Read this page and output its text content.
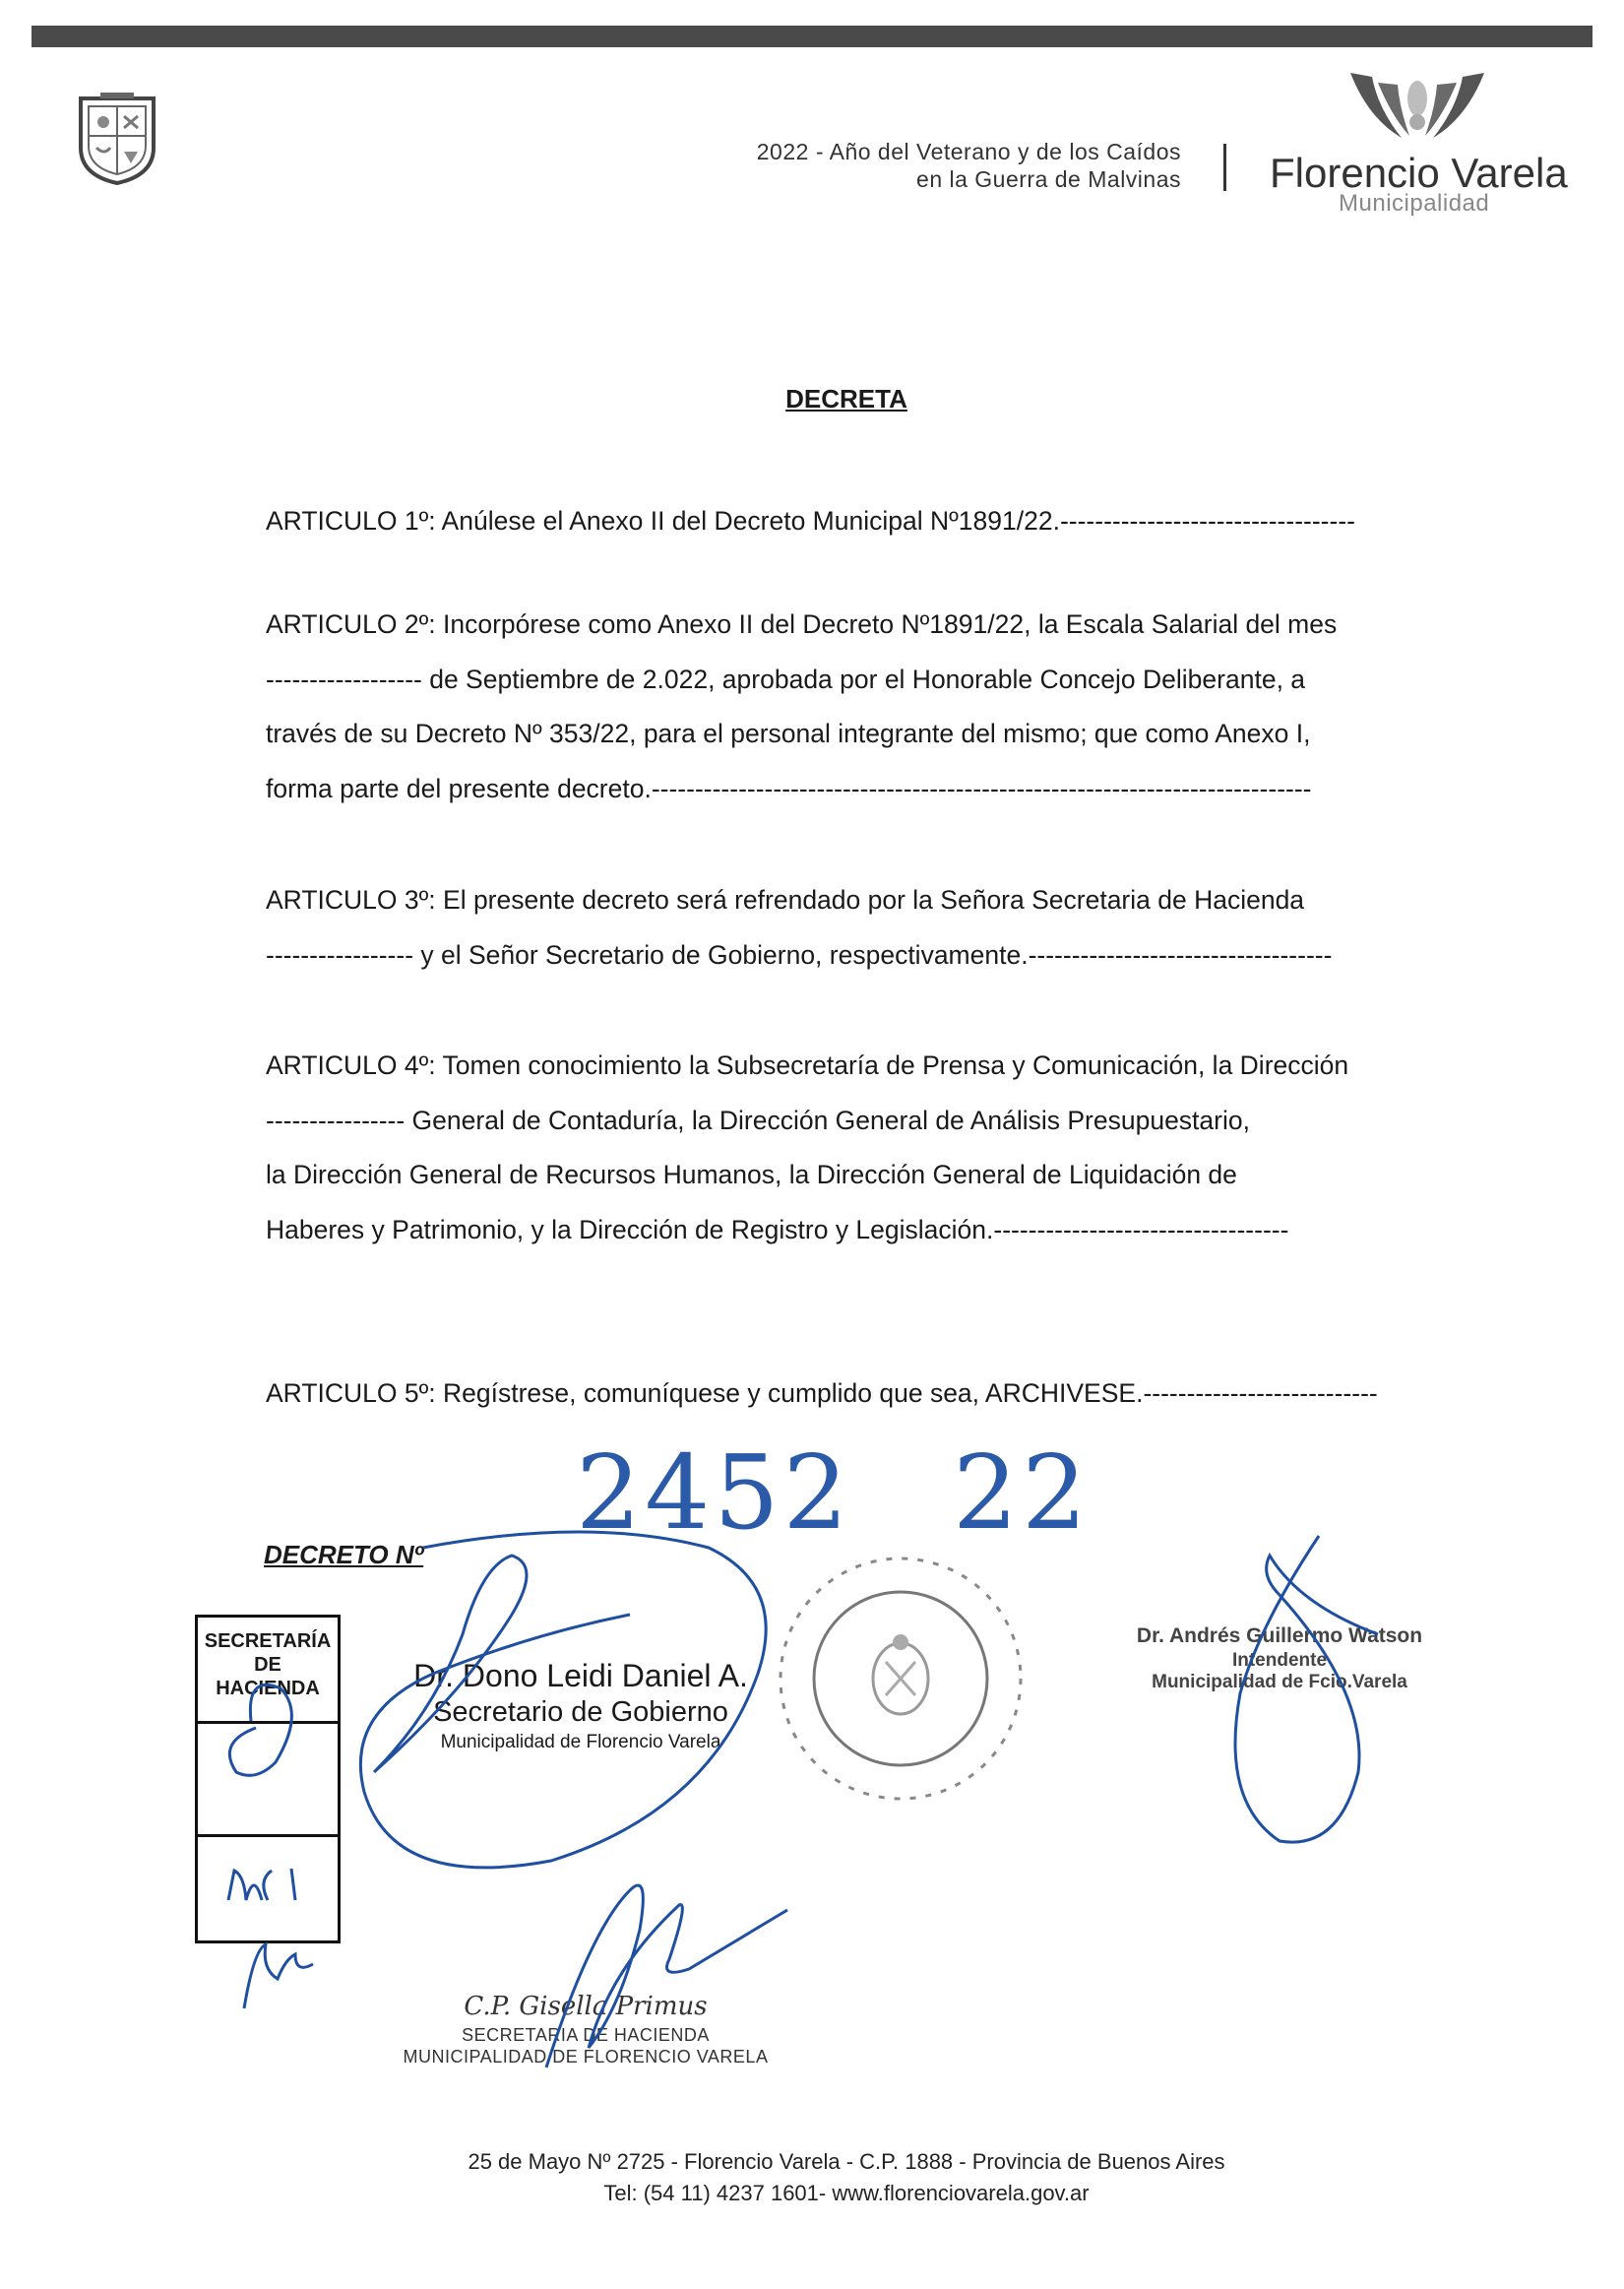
2022 - Año del Veterano y de los Caídos
en la Guerra de Malvinas Florencio Varela
Municipalidad
DECRETA

ARTICULO 1º: Anúlese el Anexo II del Decreto Municipal Nº1891/22.----------------------------------

ARTICULO 2º: Incorpórese como Anexo II del Decreto Nº1891/22, la Escala Salarial del mes

------------------ de Septiembre de 2.022, aprobada por el Honorable Concejo Deliberante, a

través de su Decreto Nº 353/22, para el personal integrante del mismo; que como Anexo I,

forma parte del presente decreto.----------------------------------------------------------------------------

ARTICULO 3º: El presente decreto será refrendado por la Señora Secretaria de Hacienda

----------------- y el Señor Secretario de Gobierno, respectivamente.-----------------------------------

ARTICULO 4º: Tomen conocimiento la Subsecretaría de Prensa y Comunicación, la Dirección

---------------- General de Contaduría, la Dirección General de Análisis Presupuestario,

la Dirección General de Recursos Humanos, la Dirección General de Liquidación de

Haberes y Patrimonio, y la Dirección de Registro y Legislación.----------------------------------

ARTICULO 5º: Regístrese, comuníquese y cumplido que sea, ARCHIVESE.---------------------------

2452 22
DECRETO Nº
SECRETARÍA
DE
HACIENDA	Dr. Dono Leidi Daniel A.
Secretario de Gobierno
Municipalidad de Florencio Varela
Dr. Andrés Guillermo Watson
Intendente
Municipalidad de Fcio.Varela
C.P. Gisella Primus
SECRETARIA DE HACIENDA
MUNICIPALIDAD DE FLORENCIO VARELA
25 de Mayo Nº 2725 - Florencio Varela - C.P. 1888 - Provincia de Buenos Aires
Tel: (54 11) 4237 1601- www.florenciovarela.gov.ar
